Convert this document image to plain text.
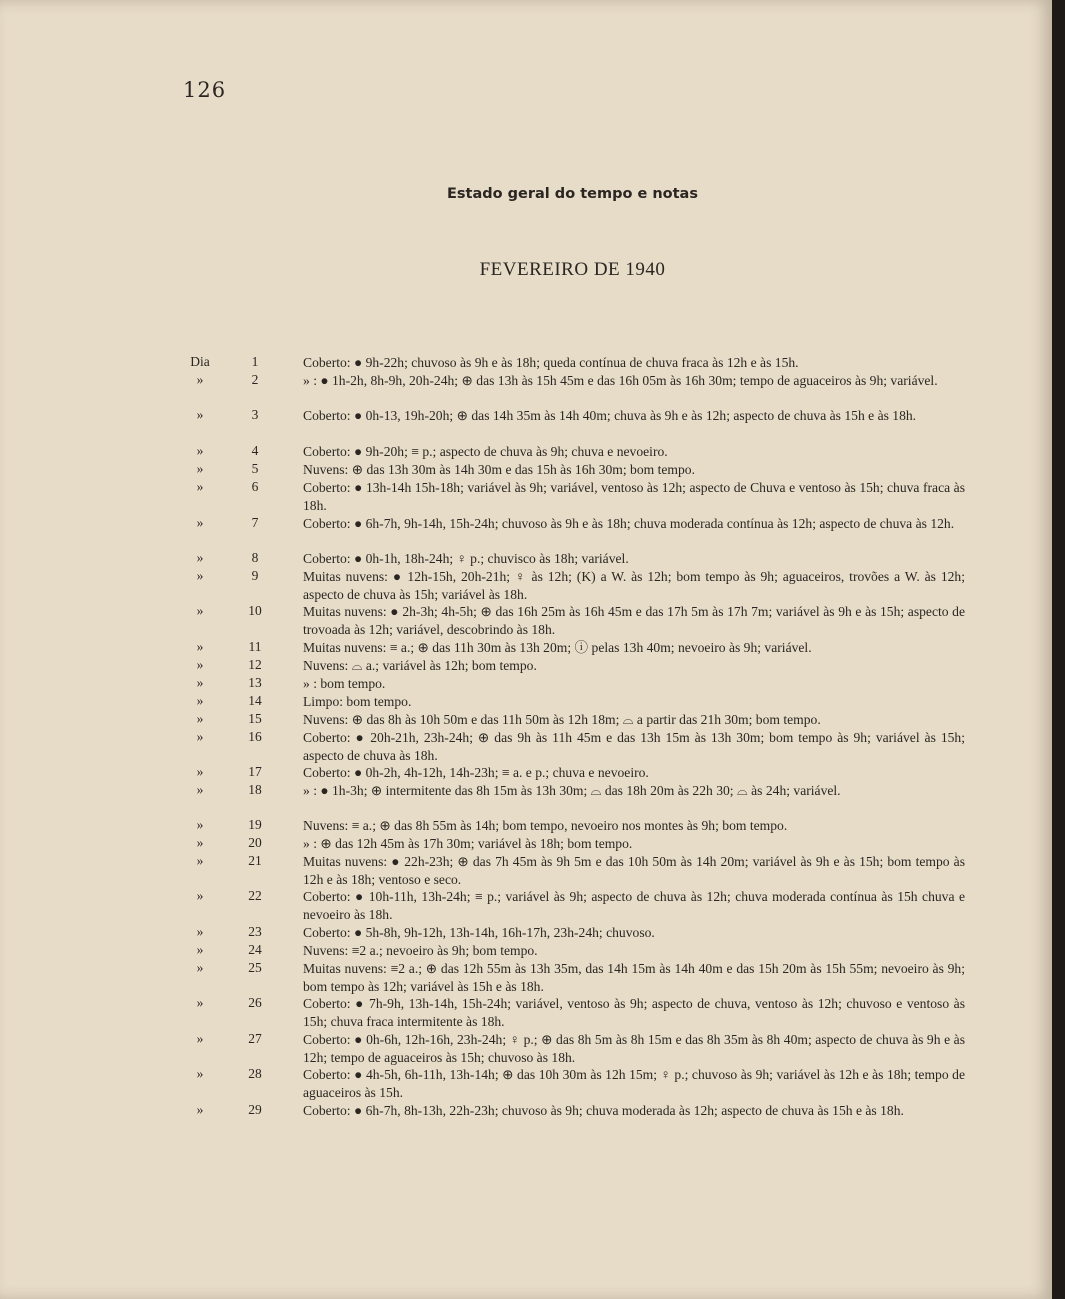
126
Estado geral do tempo e notas
FEVEREIRO DE 1940
Dia	1	Coberto: ● 9h-22h; chuvoso às 9h e às 18h; queda contínua de chuva fraca às 12h e às 15h.
»	2	» : ● 1h-2h, 8h-9h, 20h-24h; ⊕ das 13h às 15h 45m e das 16h 05m às 16h 30m; tempo de aguaceiros às 9h; variável.
»	3	Coberto: ● 0h-13, 19h-20h; ⊕ das 14h 35m às 14h 40m; chuva às 9h e às 12h; aspecto de chuva às 15h e às 18h.
»	4	Coberto: ● 9h-20h; ≡ p.; aspecto de chuva às 9h; chuva e nevoeiro.
»	5	Nuvens: ⊕ das 13h 30m às 14h 30m e das 15h às 16h 30m; bom tempo.
»	6	Coberto: ● 13h-14h 15h-18h; variável às 9h; variável, ventoso às 12h; aspecto de Chuva e ventoso às 15h; chuva fraca às 18h.
»	7	Coberto: ● 6h-7h, 9h-14h, 15h-24h; chuvoso às 9h e às 18h; chuva moderada contínua às 12h; aspecto de chuva às 12h.
»	8	Coberto: ● 0h-1h, 18h-24h; ♀ p.; chuvisco às 18h; variável.
»	9	Muitas nuvens: ● 12h-15h, 20h-21h; ♀ às 12h; (K) a W. às 12h; bom tempo às 9h; aguaceiros, trovões a W. às 12h; aspecto de chuva às 15h; variável às 18h.
»	10	Muitas nuvens: ● 2h-3h; 4h-5h; ⊕ das 16h 25m às 16h 45m e das 17h 5m às 17h 7m; variável às 9h e às 15h; aspecto de trovoada às 12h; variável, descobrindo às 18h.
»	11	Muitas nuvens: ≡ a.; ⊕ das 11h 30m às 13h 20m; ⓘ pelas 13h 40m; nevoeiro às 9h; variável.
»	12	Nuvens: ⌓ a.; variável às 12h; bom tempo.
»	13	» : bom tempo.
»	14	Limpo: bom tempo.
»	15	Nuvens: ⊕ das 8h às 10h 50m e das 11h 50m às 12h 18m; ⌓ a partir das 21h 30m; bom tempo.
»	16	Coberto: ● 20h-21h, 23h-24h; ⊕ das 9h às 11h 45m e das 13h 15m às 13h 30m; bom tempo às 9h; variável às 15h; aspecto de chuva às 18h.
»	17	Coberto: ● 0h-2h, 4h-12h, 14h-23h; ≡ a. e p.; chuva e nevoeiro.
»	18	» : ● 1h-3h; ⊕ intermitente das 8h 15m às 13h 30m; ⌓ das 18h 20m às 22h 30; ⌓ às 24h; variável.
»	19	Nuvens: ≡ a.; ⊕ das 8h 55m às 14h; bom tempo, nevoeiro nos montes às 9h; bom tempo.
»	20	» : ⊕ das 12h 45m às 17h 30m; variável às 18h; bom tempo.
»	21	Muitas nuvens: ● 22h-23h; ⊕ das 7h 45m às 9h 5m e das 10h 50m às 14h 20m; variável às 9h e às 15h; bom tempo às 12h e às 18h; ventoso e seco.
»	22	Coberto: ● 10h-11h, 13h-24h; ≡ p.; variável às 9h; aspecto de chuva às 12h; chuva moderada contínua às 15h chuva e nevoeiro às 18h.
»	23	Coberto: ● 5h-8h, 9h-12h, 13h-14h, 16h-17h, 23h-24h; chuvoso.
»	24	Nuvens: ≡2 a.; nevoeiro às 9h; bom tempo.
»	25	Muitas nuvens: ≡2 a.; ⊕ das 12h 55m às 13h 35m, das 14h 15m às 14h 40m e das 15h 20m às 15h 55m; nevoeiro às 9h; bom tempo às 12h; variável às 15h e às 18h.
»	26	Coberto: ● 7h-9h, 13h-14h, 15h-24h; variável, ventoso às 9h; aspecto de chuva, ventoso às 12h; chuvoso e ventoso às 15h; chuva fraca intermitente às 18h.
»	27	Coberto: ● 0h-6h, 12h-16h, 23h-24h; ♀ p.; ⊕ das 8h 5m às 8h 15m e das 8h 35m às 8h 40m; aspecto de chuva às 9h e às 12h; tempo de aguaceiros às 15h; chuvoso às 18h.
»	28	Coberto: ● 4h-5h, 6h-11h, 13h-14h; ⊕ das 10h 30m às 12h 15m; ♀ p.; chuvoso às 9h; variável às 12h e às 18h; tempo de aguaceiros às 15h.
»	29	Coberto: ● 6h-7h, 8h-13h, 22h-23h; chuvoso às 9h; chuva moderada às 12h; aspecto de chuva às 15h e às 18h.
